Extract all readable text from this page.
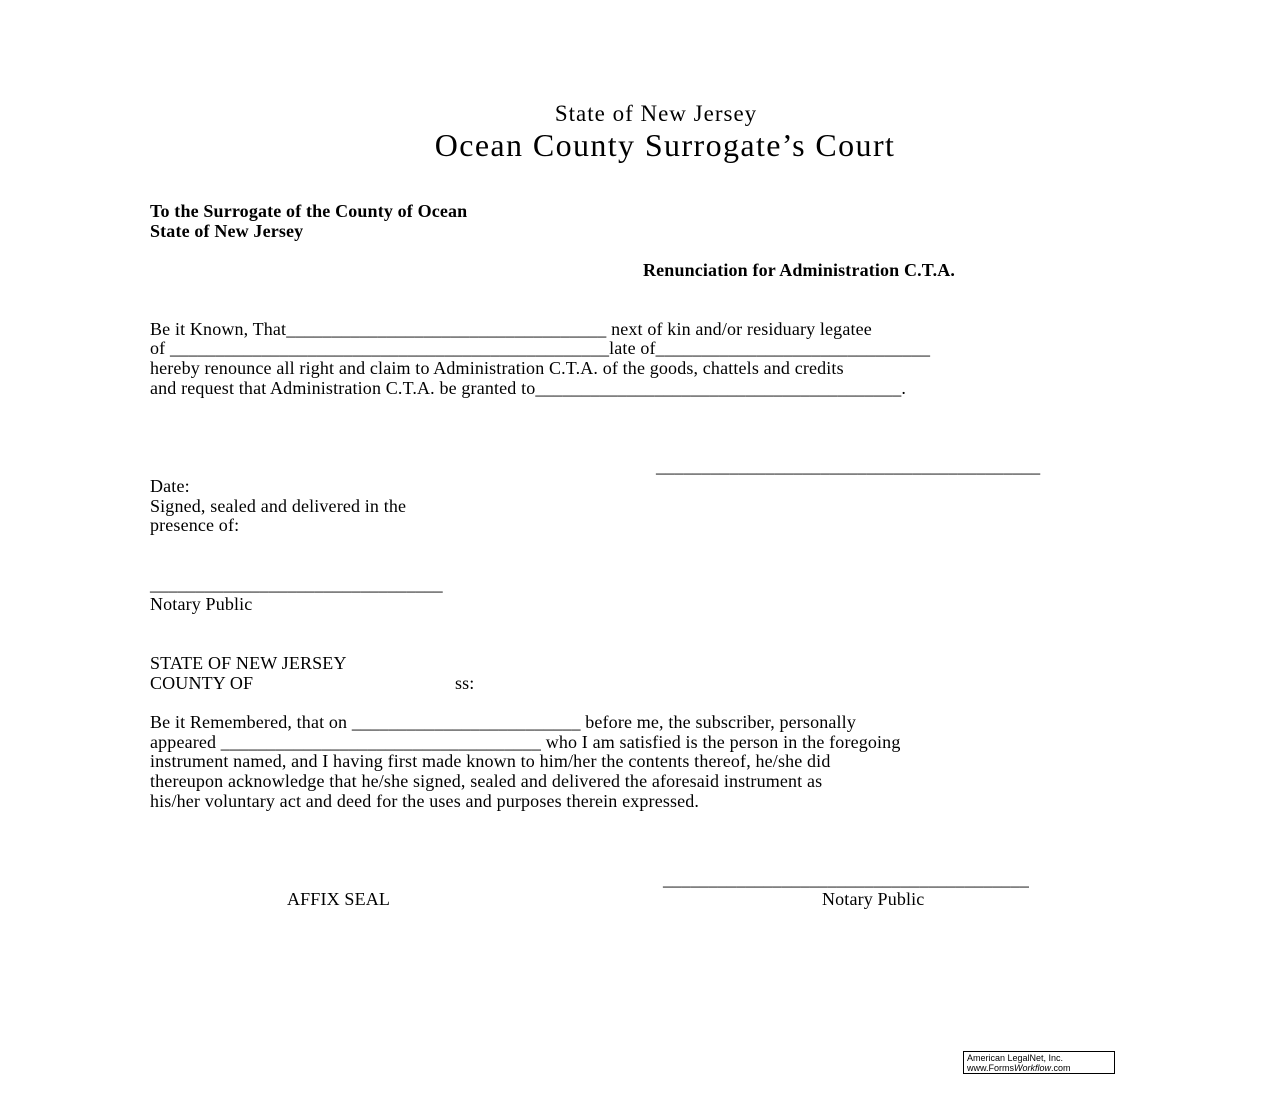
State of New Jersey
Ocean County Surrogate’s Court
To the Surrogate of the County of Ocean
State of New Jersey
Renunciation for Administration C.T.A.
Be it Known, That___________________________________ next of kin and/or residuary legatee
of ________________________________________________late of______________________________
hereby renounce all right and claim to Administration C.T.A. of the goods, chattels and credits
and request that Administration C.T.A. be granted to________________________________________.
__________________________________________
Date:
Signed, sealed and delivered in the
presence of:
________________________________
Notary Public
STATE OF NEW JERSEY
COUNTY OF	ss:
Be it Remembered, that on _________________________ before me, the subscriber, personally
appeared ___________________________________ who I am satisfied is the person in the foregoing
instrument named, and I having first made known to him/her the contents thereof, he/she did
thereupon acknowledge that he/she signed, sealed and delivered the aforesaid instrument as
his/her voluntary act and deed for the uses and purposes therein expressed.
________________________________________
AFFIX SEAL	Notary Public
American LegalNet, Inc.
www.FormsWorkflow.com
